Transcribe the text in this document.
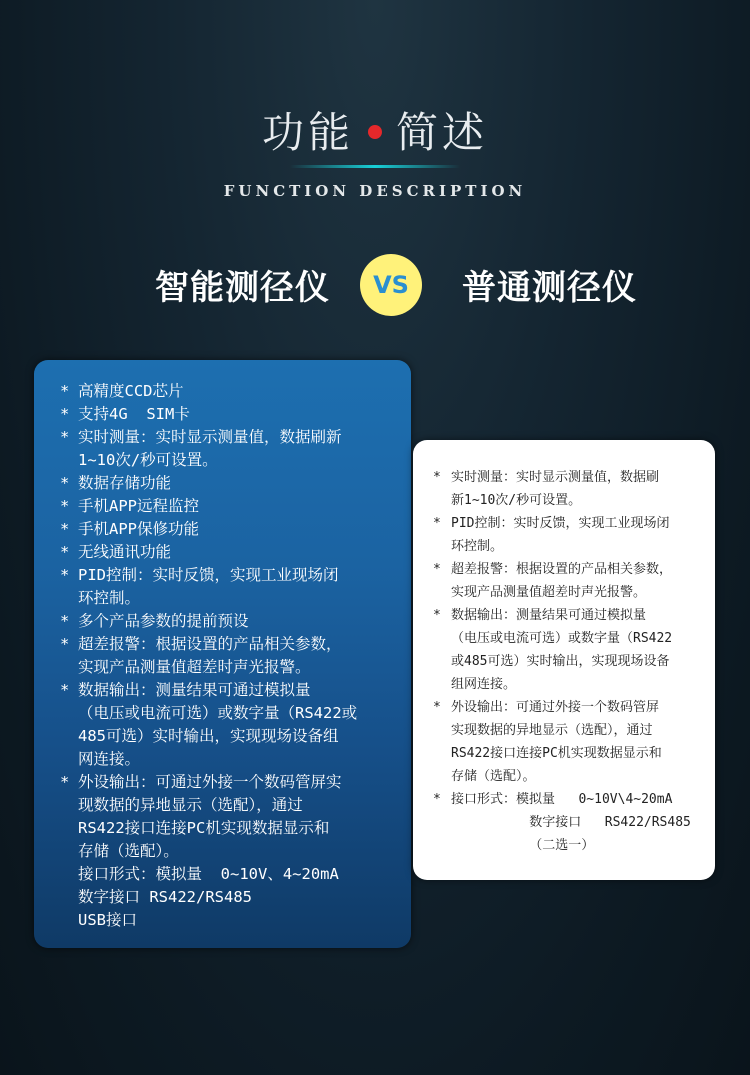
功能 简述
FUNCTION DESCRIPTION
智能测径仪	VS	普通测径仪
* 高精度CCD芯片
* 支持4G  SIM卡
* 实时测量：实时显示测量值，数据刷新
1~10次/秒可设置。
* 数据存储功能
* 手机APP远程监控
* 手机APP保修功能
* 无线通讯功能
* PID控制：实时反馈，实现工业现场闭
环控制。
* 多个产品参数的提前预设
* 超差报警：根据设置的产品相关参数，
实现产品测量值超差时声光报警。
* 数据输出：测量结果可通过模拟量
（电压或电流可选）或数字量（RS422或
485可选）实时输出，实现现场设备组
网连接。
* 外设输出：可通过外接一个数码管屏实
现数据的异地显示（选配），通过
RS422接口连接PC机实现数据显示和
存储（选配）。
接口形式：模拟量  0~10V、4~20mA
数字接口 RS422/RS485
USB接口
* 实时测量：实时显示测量值，数据刷
新1~10次/秒可设置。
* PID控制：实时反馈，实现工业现场闭
环控制。
* 超差报警：根据设置的产品相关参数，
实现产品测量值超差时声光报警。
* 数据输出：测量结果可通过模拟量
（电压或电流可选）或数字量（RS422
或485可选）实时输出，实现现场设备
组网连接。
* 外设输出：可通过外接一个数码管屏
实现数据的异地显示（选配），通过
RS422接口连接PC机实现数据显示和
存储（选配）。
* 接口形式：模拟量   0~10V\4~20mA
数字接口   RS422/RS485
（二选一）
